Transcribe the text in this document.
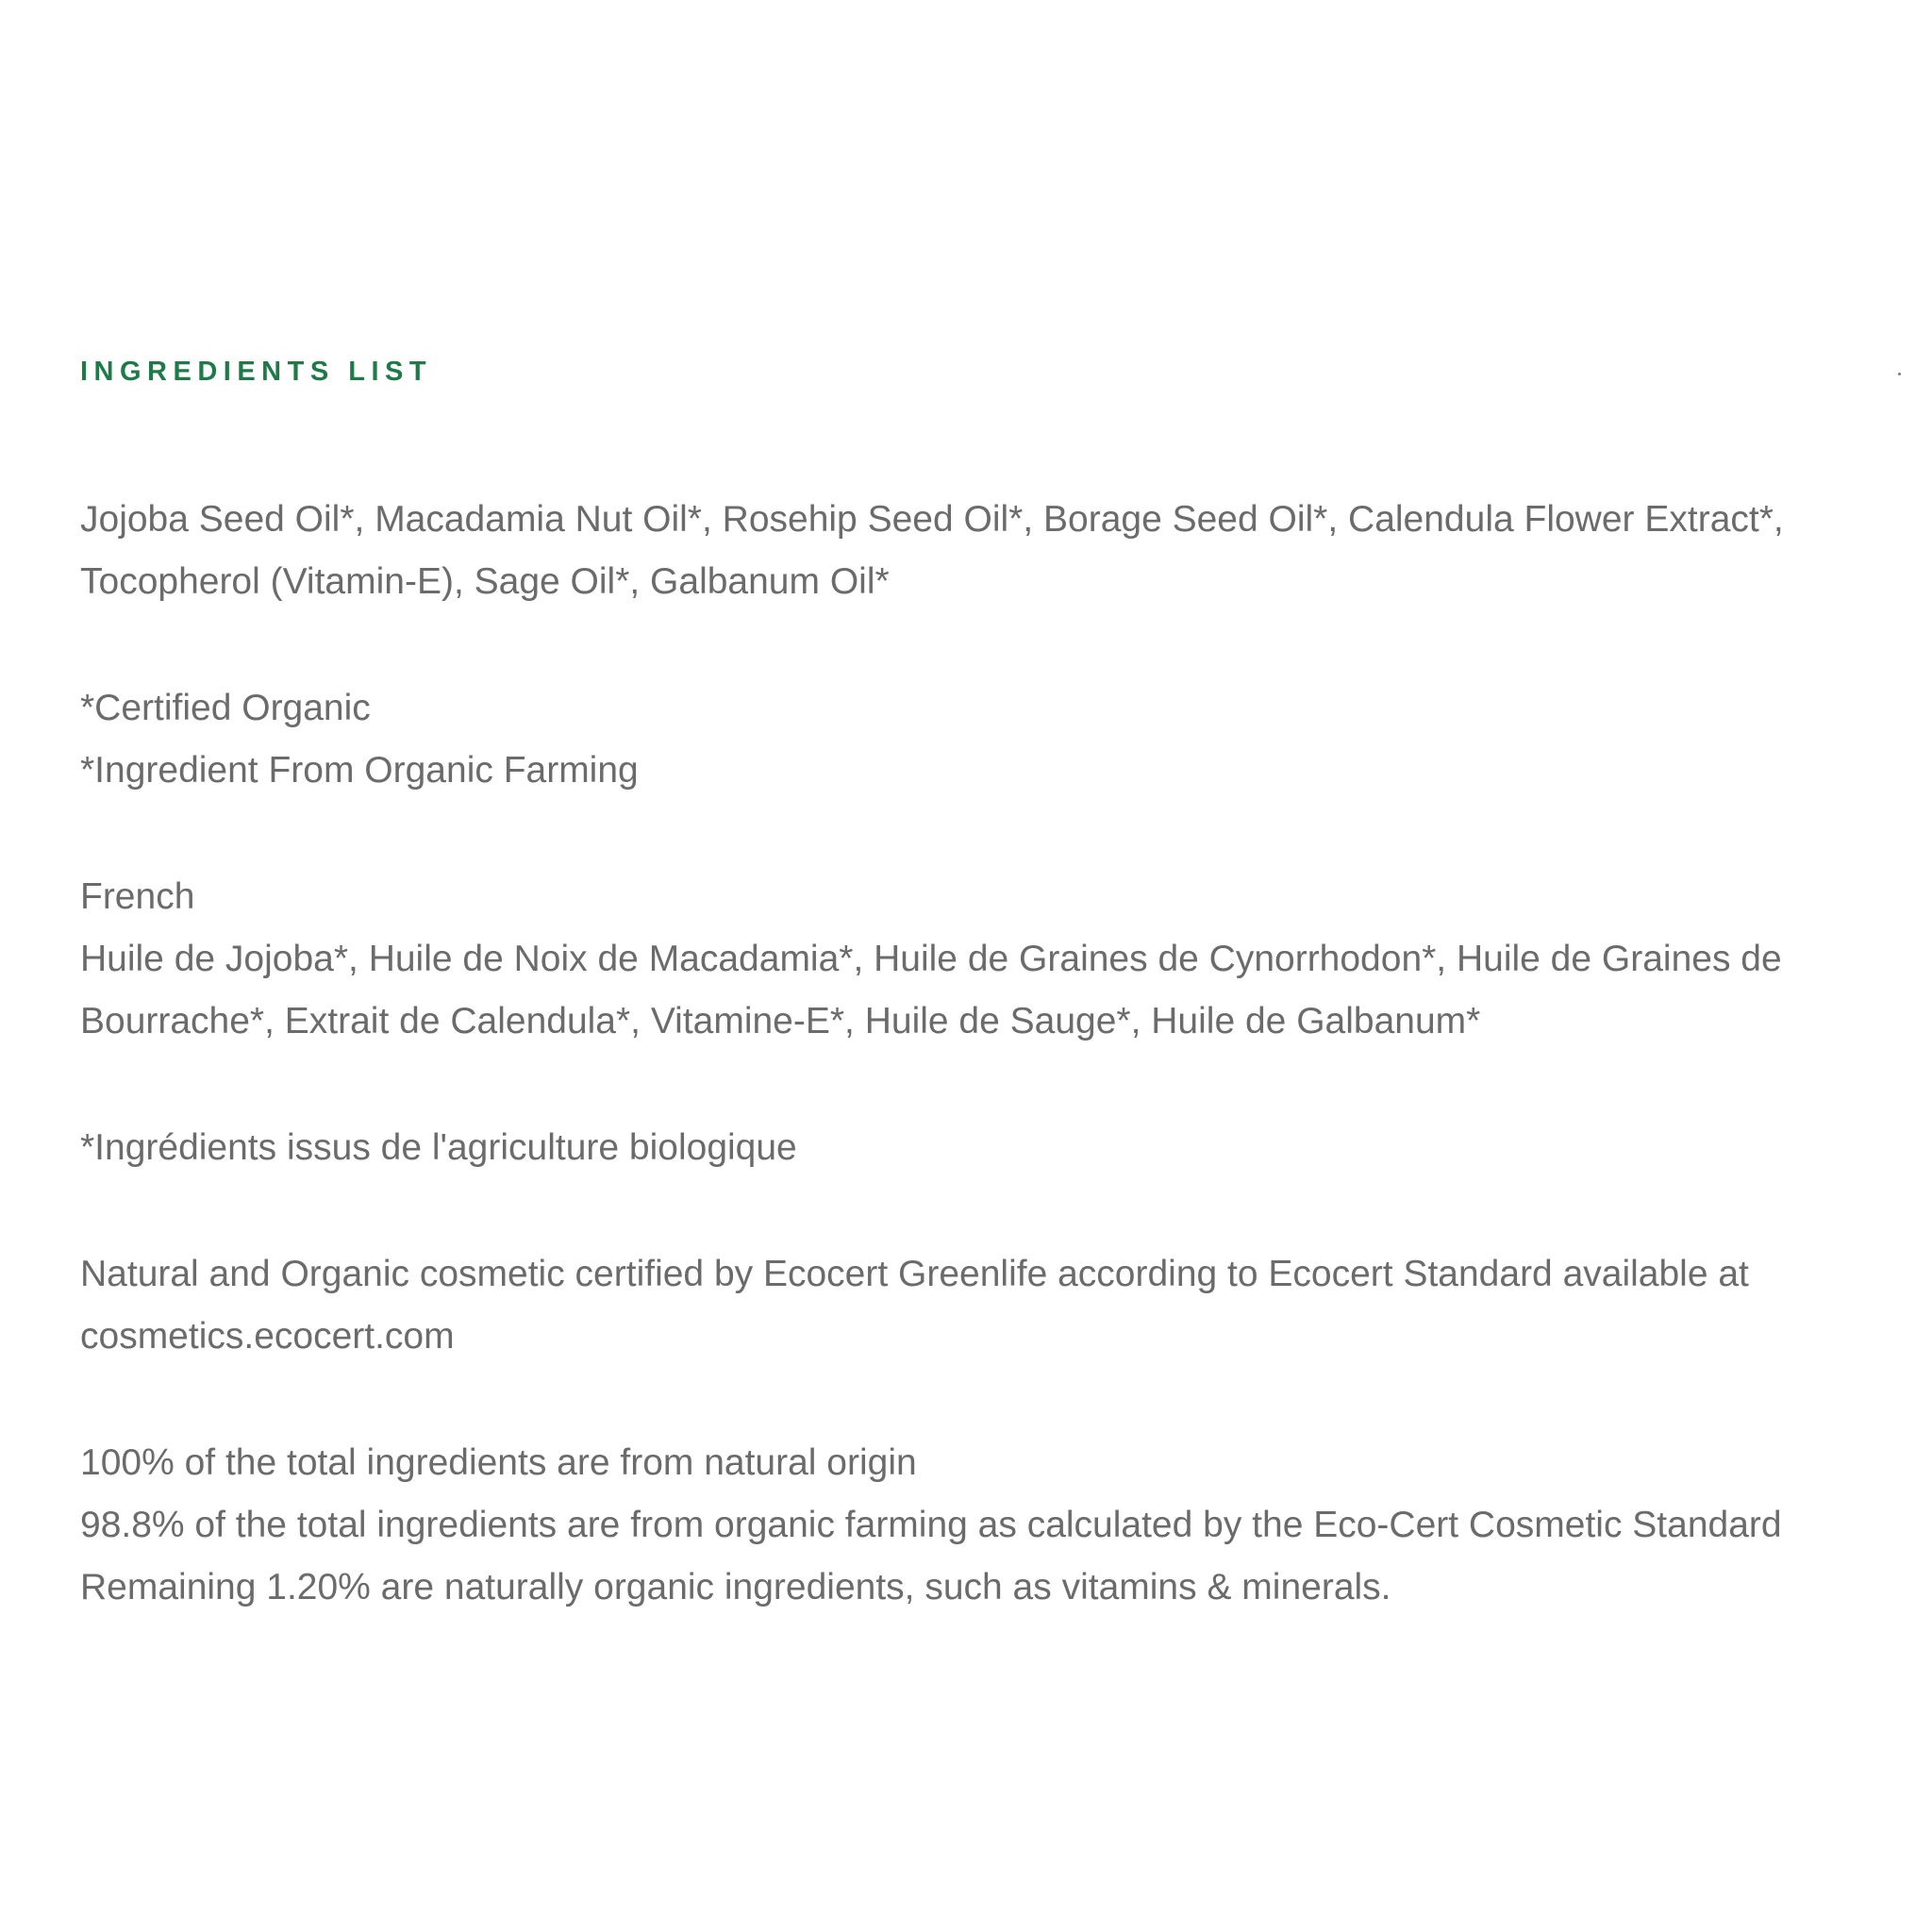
INGREDIENTS LIST

Jojoba Seed Oil*, Macadamia Nut Oil*, Rosehip Seed Oil*, Borage Seed Oil*, Calendula Flower Extract*,
Tocopherol (Vitamin-E), Sage Oil*, Galbanum Oil*

*Certified Organic
*Ingredient From Organic Farming

French
Huile de Jojoba*, Huile de Noix de Macadamia*, Huile de Graines de Cynorrhodon*, Huile de Graines de
Bourrache*, Extrait de Calendula*, Vitamine-E*, Huile de Sauge*, Huile de Galbanum*

*Ingrédients issus de l'agriculture biologique

Natural and Organic cosmetic certified by Ecocert Greenlife according to Ecocert Standard available at
cosmetics.ecocert.com

100% of the total ingredients are from natural origin
98.8% of the total ingredients are from organic farming as calculated by the Eco-Cert Cosmetic Standard
Remaining 1.20% are naturally organic ingredients, such as vitamins & minerals.
